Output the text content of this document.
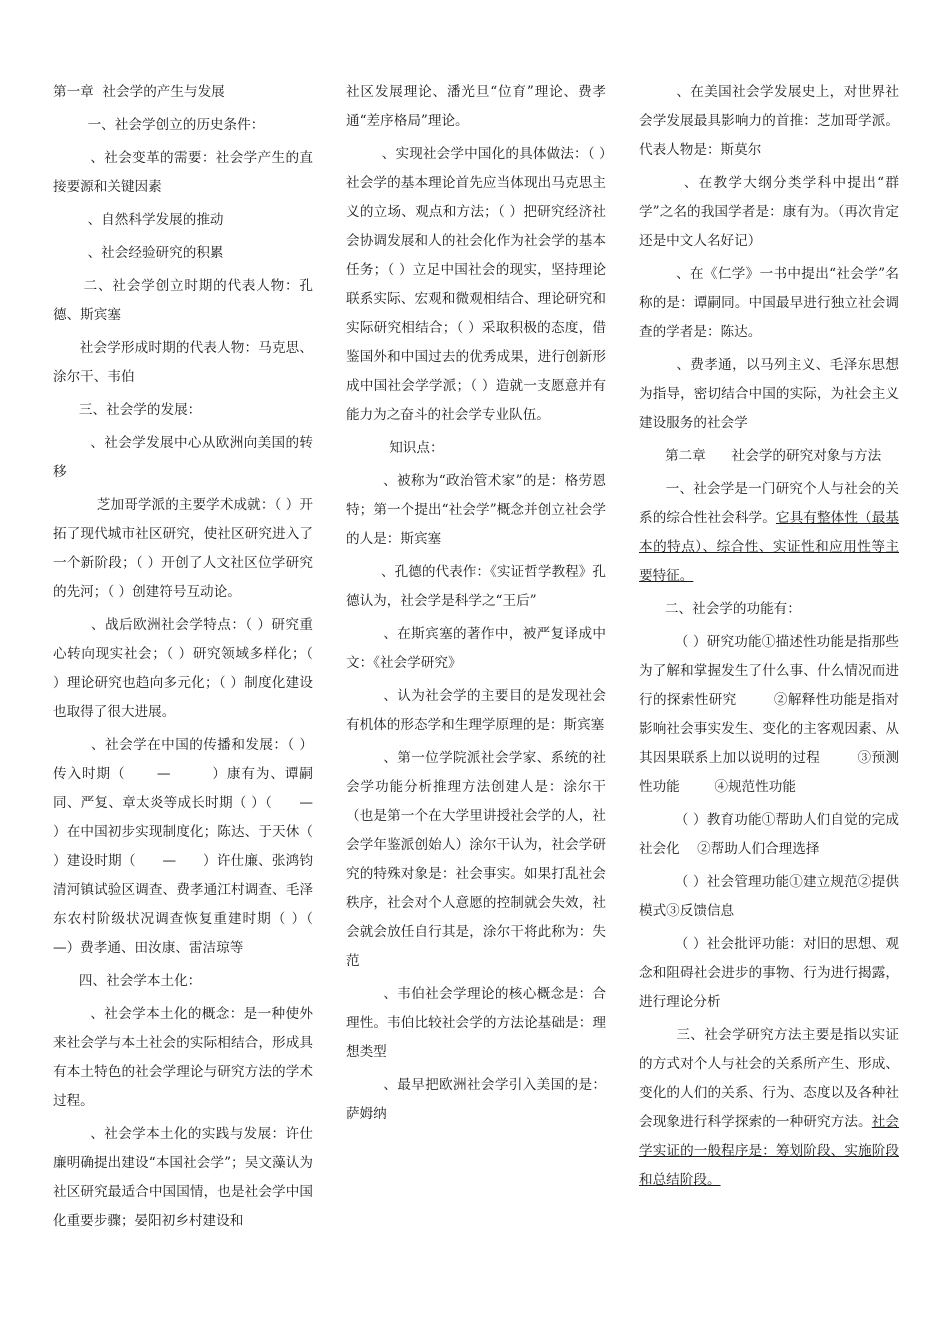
第一章  社会学的产生与发展

一、社会学创立的历史条件：

、社会变革的需要：社会学产生的直接要源和关键因素

、自然科学发展的推动

、社会经验研究的积累

二、社会学创立时期的代表人物：孔德、斯宾塞

社会学形成时期的代表人物：马克思、涂尔干、韦伯

三、社会学的发展：

、社会学发展中心从欧洲向美国的转移

芝加哥学派的主要学术成就：（ ）开拓了现代城市社区研究，使社区研究进入了一个新阶段；（ ）开创了人文社区位学研究的先河；（ ）创建符号互动论。

、战后欧洲社会学特点：（ ）研究重心转向现实社会；（ ）研究领域多样化；（ ）理论研究也趋向多元化；（ ）制度化建设也取得了很大进展。

、社会学在中国的传播和发展：（ ）传入时期（      —        ）康有为、谭嗣同、严复、章太炎等成长时期（ ）（      —        ）在中国初步实现制度化；陈达、于天休（ ）建设时期（      —      ）许仕廉、张鸿钧清河镇试验区调查、费孝通江村调查、毛泽东农村阶级状况调查恢复重建时期（ ）（      —）费孝通、田汝康、雷洁琼等

四、社会学本土化：

、社会学本土化的概念：是一种使外来社会学与本土社会的实际相结合，形成具有本土特色的社会学理论与研究方法的学术过程。

、社会学本土化的实践与发展：许仕廉明确提出建设“本国社会学”；吴文藻认为社区研究最适合中国国情，也是社会学中国化重要步骤；晏阳初乡村建设和

社区发展理论、潘光旦“位育”理论、费孝通“差序格局”理论。

、实现社会学中国化的具体做法：（ ）社会学的基本理论首先应当体现出马克思主义的立场、观点和方法；（ ）把研究经济社会协调发展和人的社会化作为社会学的基本任务；（ ）立足中国社会的现实，坚持理论联系实际、宏观和微观相结合、理论研究和实际研究相结合；（ ）采取积极的态度，借鉴国外和中国过去的优秀成果，进行创新形成中国社会学学派；（ ）造就一支愿意并有能力为之奋斗的社会学专业队伍。

知识点：

、被称为“政治管术家”的是：格劳恩特；第一个提出“社会学”概念并创立社会学的人是：斯宾塞

、孔德的代表作：《实证哲学教程》孔德认为，社会学是科学之“王后”

、在斯宾塞的著作中，被严复译成中文：《社会学研究》

、认为社会学的主要目的是发现社会有机体的形态学和生理学原理的是：斯宾塞

、第一位学院派社会学家、系统的社会学功能分析推理方法创建人是：涂尔干（也是第一个在大学里讲授社会学的人，社会学年鉴派创始人）涂尔干认为，社会学研究的特殊对象是：社会事实。如果打乱社会秩序，社会对个人意愿的控制就会失效，社会就会放任自行其是，涂尔干将此称为：失范

、韦伯社会学理论的核心概念是：合理性。韦伯比较社会学的方法论基础是：理想类型

、最早把欧洲社会学引入美国的是：萨姆纳

、在美国社会学发展史上，对世界社会学发展最具影响力的首推：芝加哥学派。代表人物是：斯莫尔

、在教学大纲分类学科中提出“群学”之名的我国学者是：康有为。（再次肯定还是中文人名好记）

、在《仁学》一书中提出“社会学”名称的是：谭嗣同。中国最早进行独立社会调查的学者是：陈达。

、费孝通，以马列主义、毛泽东思想为指导，密切结合中国的实际，为社会主义建设服务的社会学

第二章      社会学的研究对象与方法

一、社会学是一门研究个人与社会的关系的综合性社会科学。它具有整体性（最基本的特点）、综合性、实证性和应用性等主要特征。

二、社会学的功能有：

（ ）研究功能①描述性功能是指那些为了解和掌握发生了什么事、什么情况而进行的探索性研究        ②解释性功能是指对影响社会事实发生、变化的主客观因素、从其因果联系上加以说明的过程        ③预测性功能        ④规范性功能

（ ）教育功能①帮助人们自觉的完成社会化    ②帮助人们合理选择

（ ）社会管理功能①建立规范②提供模式③反馈信息

（ ）社会批评功能：对旧的思想、观念和阻碍社会进步的事物、行为进行揭露，进行理论分析

三、社会学研究方法主要是指以实证的方式对个人与社会的关系所产生、形成、变化的人们的关系、行为、态度以及各种社会现象进行科学探索的一种研究方法。社会学实证的一般程序是：筹划阶段、实施阶段和总结阶段。
